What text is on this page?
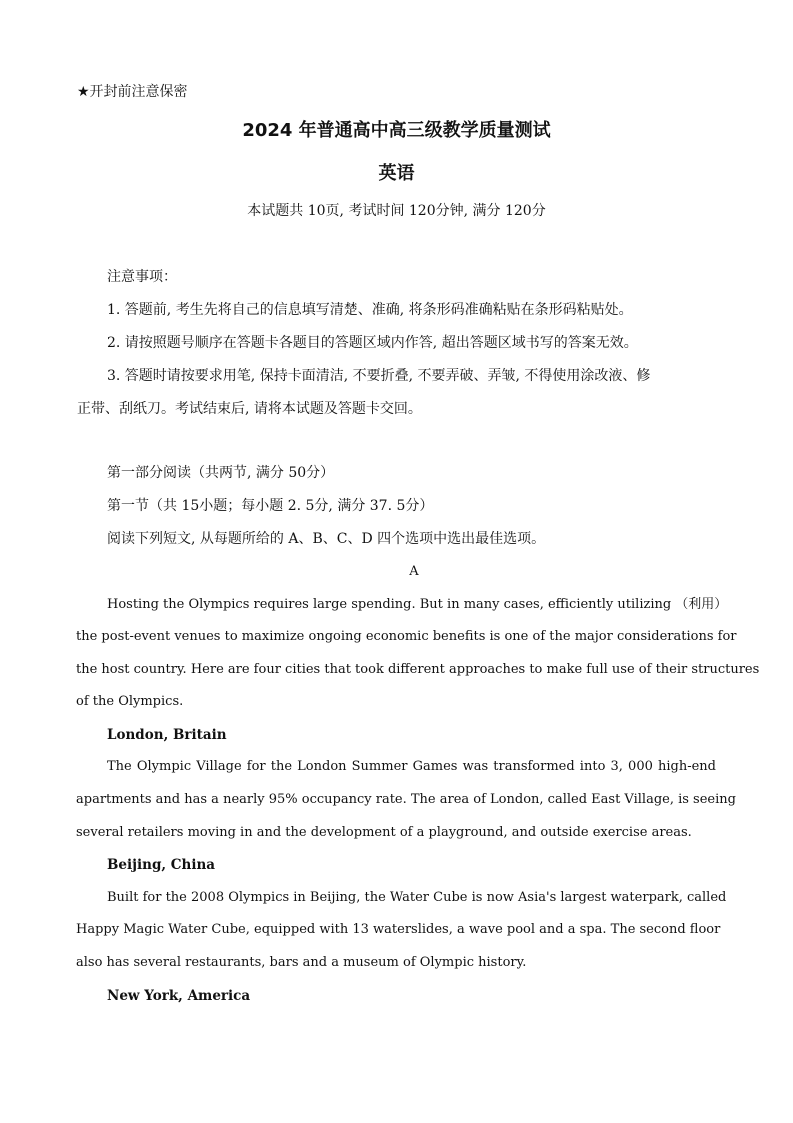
★开封前注意保密
2024 年普通高中高三级教学质量测试
英语
本试题共 10页, 考试时间 120分钟, 满分 120分
注意事项：
1. 答题前, 考生先将自己的信息填写清楚、准确, 将条形码准确粘贴在条形码粘贴处。
2. 请按照题号顺序在答题卡各题目的答题区域内作答, 超出答题区域书写的答案无效。
3. 答题时请按要求用笔, 保持卡面清洁, 不要折叠, 不要弄破、弄皱, 不得使用涂改液、修
正带、刮纸刀。考试结束后, 请将本试题及答题卡交回。
第一部分阅读（共两节, 满分 50分）
第一节（共 15小题；每小题 2. 5分, 满分 37. 5分）
阅读下列短文, 从每题所给的 A、B、C、D 四个选项中选出最佳选项。
A
Hosting the Olympics requires large spending. But in many cases, efficiently utilizing （利用）
the post-event venues to maximize ongoing economic benefits is one of the major considerations for
the host country. Here are four cities that took different approaches to make full use of their structures
of the Olympics.
London, Britain
The Olympic Village for the London Summer Games was transformed into 3, 000 high-end
apartments and has a nearly 95% occupancy rate. The area of London, called East Village, is seeing
several retailers moving in and the development of a playground, and outside exercise areas.
Beijing, China
Built for the 2008 Olympics in Beijing, the Water Cube is now Asia's largest waterpark, called
Happy Magic Water Cube, equipped with 13 waterslides, a wave pool and a spa. The second floor
also has several restaurants, bars and a museum of Olympic history.
New York, America
